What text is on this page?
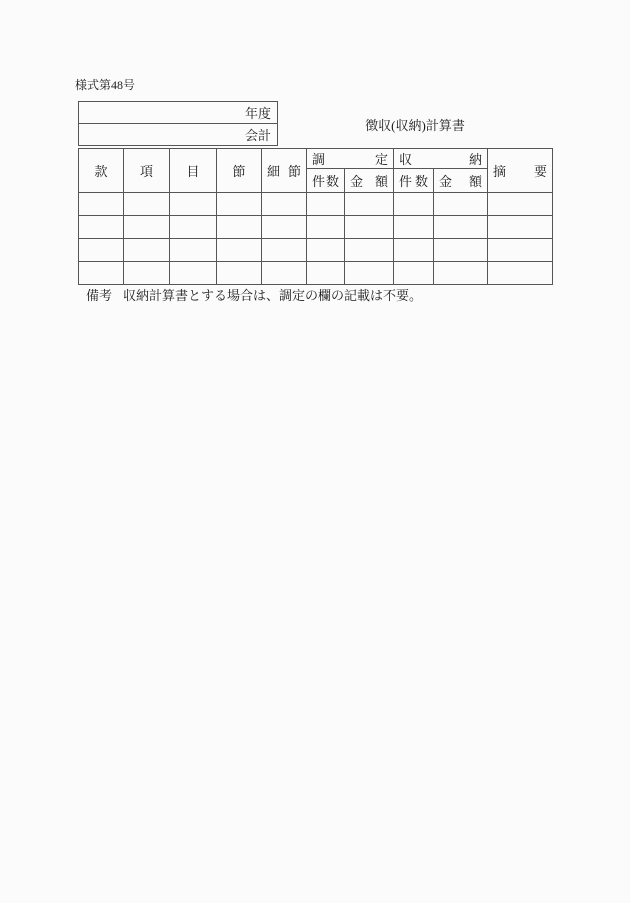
様式第48号
年度
会計
徴収(収納)計算書
款	項	目	節	細 節	調 定		収 納		摘 要

					件 数	金 額	件 数	金 額	

備考 収納計算書とする場合は、調定の欄の記載は不要。
